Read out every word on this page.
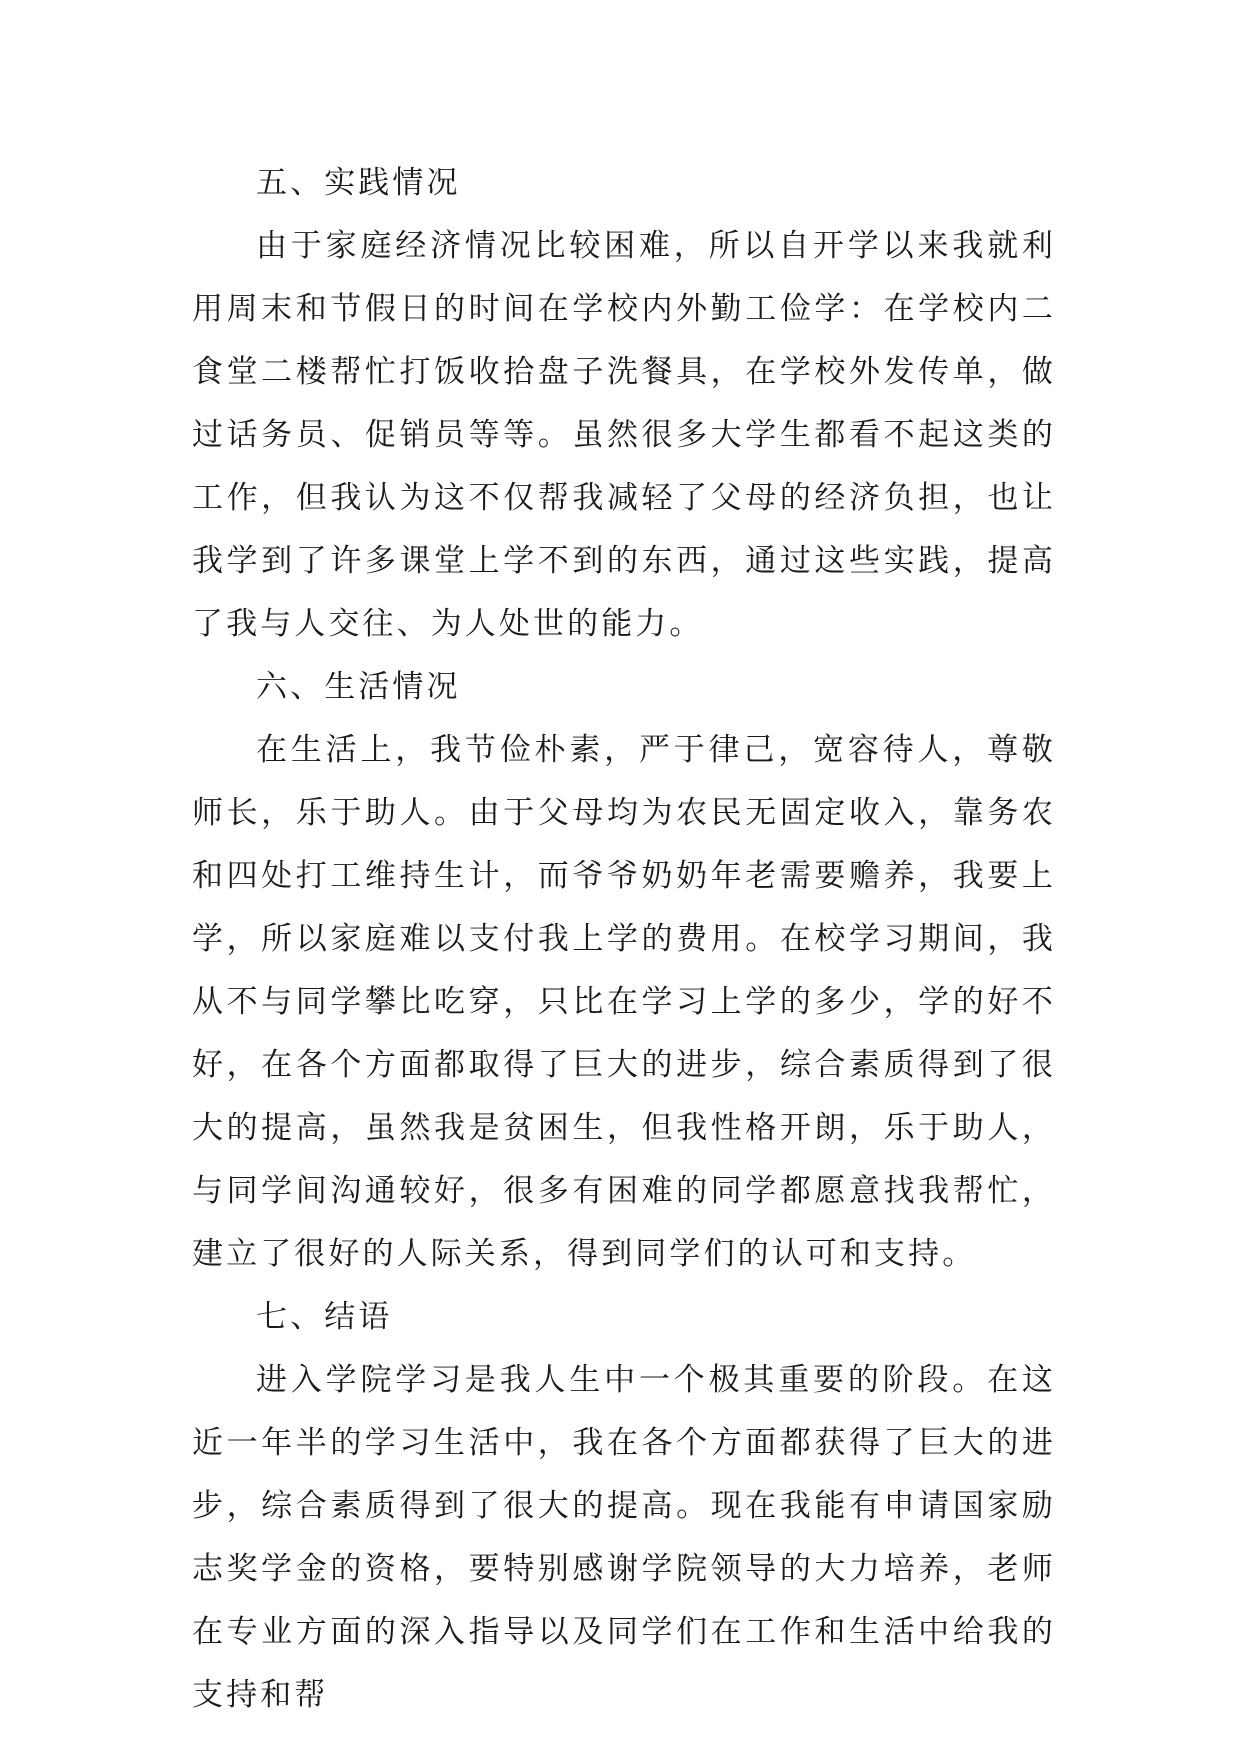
五、实践情况

由于家庭经济情况比较困难，所以自开学以来我就利用周末和节假日的时间在学校内外勤工俭学：在学校内二食堂二楼帮忙打饭收拾盘子洗餐具，在学校外发传单，做过话务员、促销员等等。虽然很多大学生都看不起这类的工作，但我认为这不仅帮我减轻了父母的经济负担，也让我学到了许多课堂上学不到的东西，通过这些实践，提高了我与人交往、为人处世的能力。

六、生活情况

在生活上，我节俭朴素，严于律己，宽容待人，尊敬师长，乐于助人。由于父母均为农民无固定收入，靠务农和四处打工维持生计，而爷爷奶奶年老需要赡养，我要上学，所以家庭难以支付我上学的费用。在校学习期间，我从不与同学攀比吃穿，只比在学习上学的多少，学的好不好，在各个方面都取得了巨大的进步，综合素质得到了很大的提高，虽然我是贫困生，但我性格开朗，乐于助人，与同学间沟通较好，很多有困难的同学都愿意找我帮忙，建立了很好的人际关系，得到同学们的认可和支持。

七、结语

进入学院学习是我人生中一个极其重要的阶段。在这近一年半的学习生活中，我在各个方面都获得了巨大的进步，综合素质得到了很大的提高。现在我能有申请国家励志奖学金的资格，要特别感谢学院领导的大力培养，老师在专业方面的深入指导以及同学们在工作和生活中给我的支持和帮
